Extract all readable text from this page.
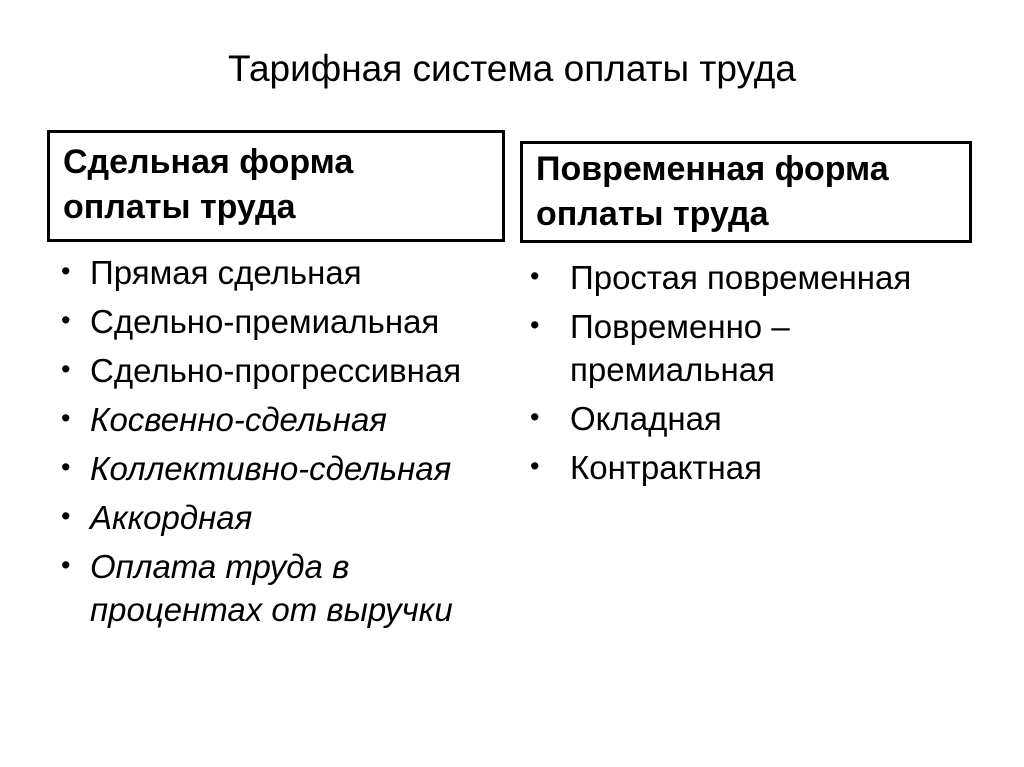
Тарифная система оплаты труда
Сдельная форма оплаты труда
• Прямая сдельная
• Сдельно-премиальная
• Сдельно-прогрессивная
• Косвенно-сдельная
• Коллективно-сдельная
• Аккордная
• Оплата труда в процентах от выручки
Повременная форма оплаты труда
• Простая повременная
• Повременно – премиальная
• Окладная
• Контрактная
